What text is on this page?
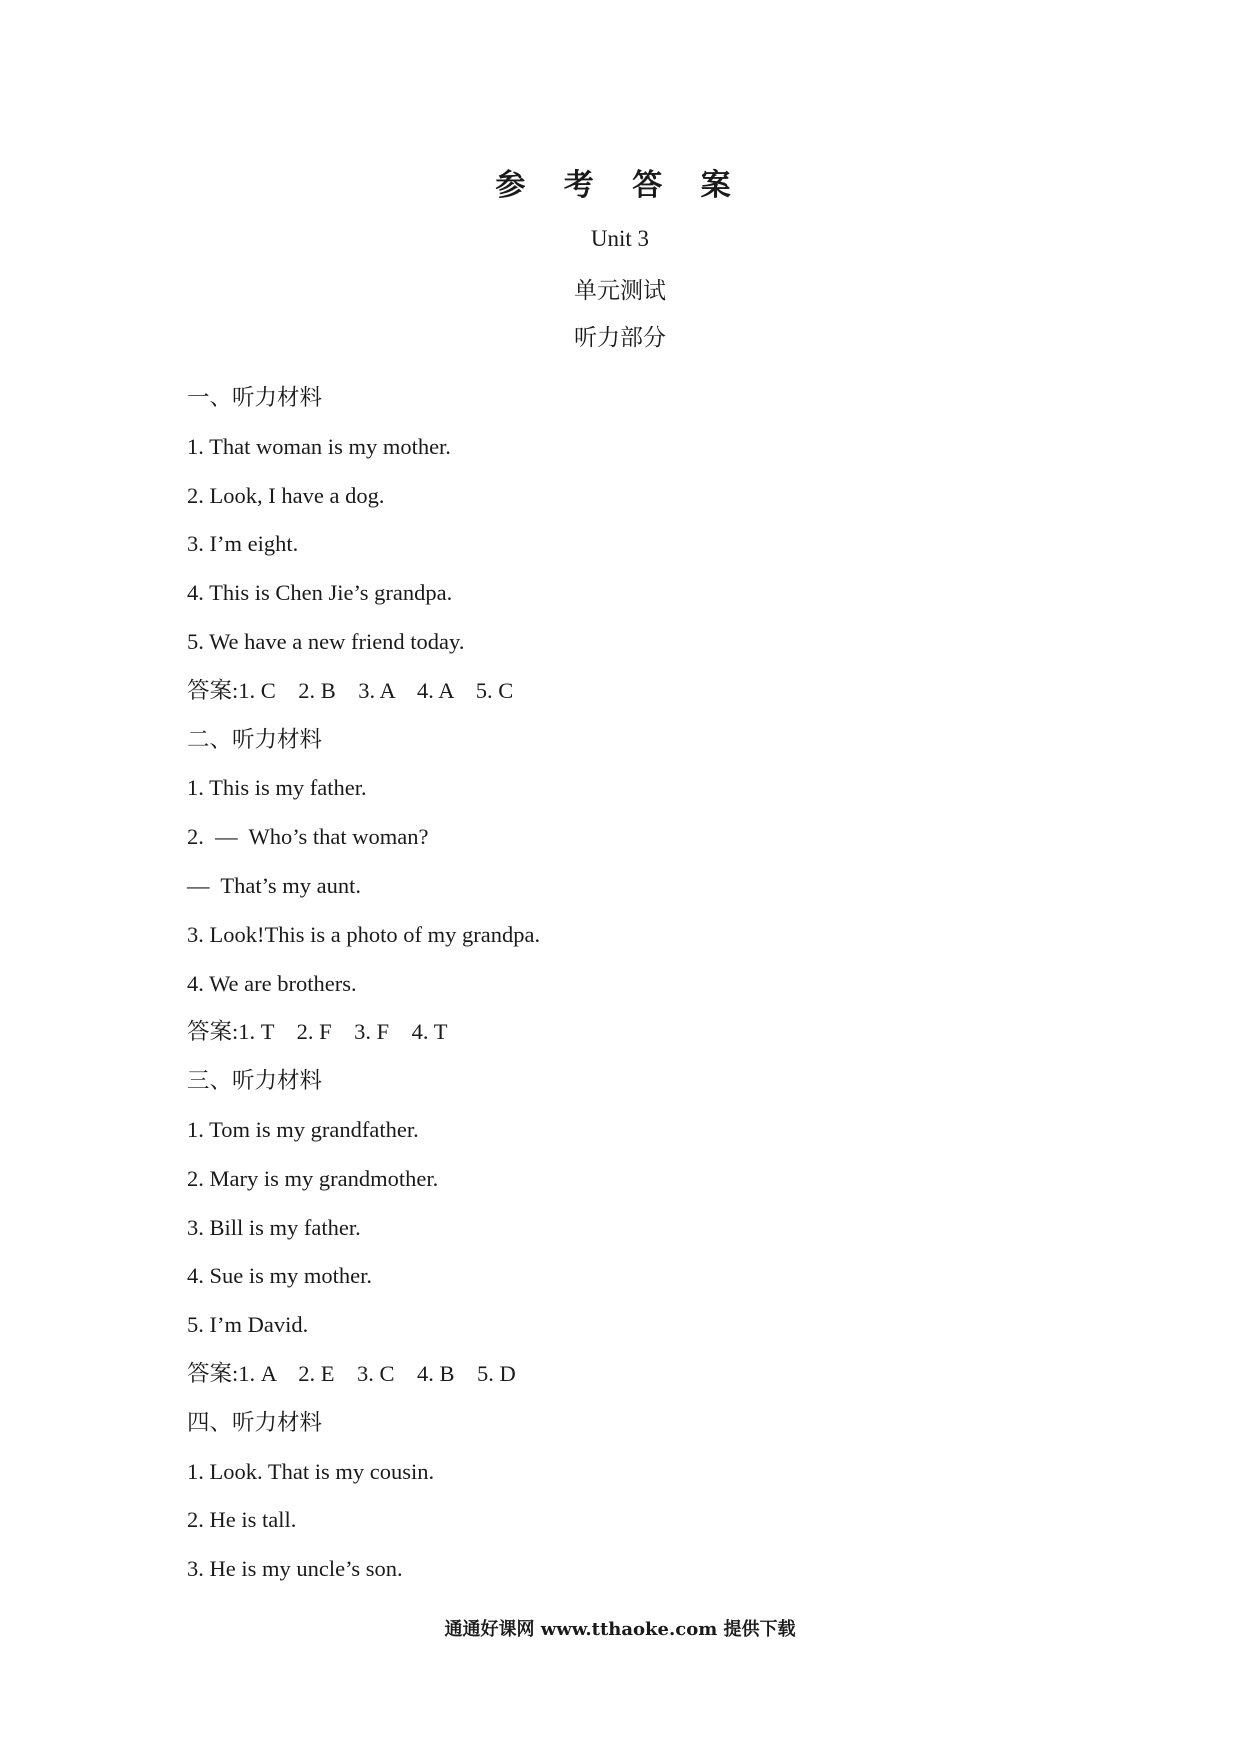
参 考 答 案
Unit 3
单元测试
听力部分
一、听力材料
1. That woman is my mother.
2. Look, I have a dog.
3. I’m eight.
4. This is Chen Jie’s grandpa.
5. We have a new friend today.
答案:1. C    2. B    3. A    4. A    5. C
二、听力材料
1. This is my father.
2.  —  Who’s that woman?
—  That’s my aunt.
3. Look!This is a photo of my grandpa.
4. We are brothers.
答案:1. T    2. F    3. F    4. T
三、听力材料
1. Tom is my grandfather.
2. Mary is my grandmother.
3. Bill is my father.
4. Sue is my mother.
5. I’m David.
答案:1. A    2. E    3. C    4. B    5. D
四、听力材料
1. Look. That is my cousin.
2. He is tall.
3. He is my uncle’s son.
通通好课网 www.tthaoke.com 提供下载
